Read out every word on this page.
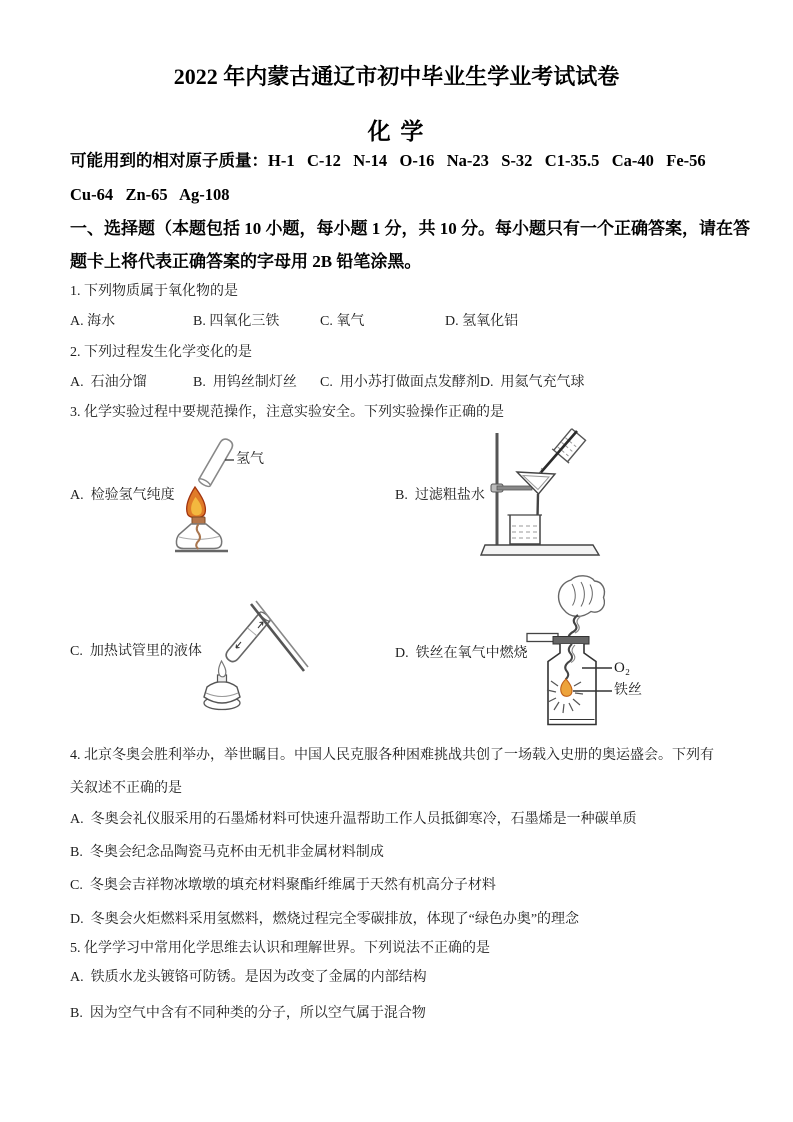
2022 年内蒙古通辽市初中毕业生学业考试试卷
化 学
可能用到的相对原子质量：H-1   C-12   N-14   O-16   Na-23   S-32   C1-35.5   Ca-40   Fe-56
Cu-64   Zn-65   Ag-108
一、选择题（本题包括 10 小题，每小题 1 分，共 10 分。每小题只有一个正确答案，请在答
题卡上将代表正确答案的字母用 2B 铅笔涂黑。
1. 下列物质属于氧化物的是
A. 海水	B. 四氧化三铁	C. 氧气	D. 氢氧化铝
2. 下列过程发生化学变化的是
A.  石油分馏	B.  用钨丝制灯丝 C.  用小苏打做面点发酵剂D.  用氦气充气球
3. 化学实验过程中要规范操作，注意实验安全。下列实验操作正确的是
A.  检验氢气纯度
氢气
B.  过滤粗盐水
C.  加热试管里的液体	D.  铁丝在氧气中燃烧
O₂
铁丝
4. 北京冬奥会胜利举办，举世瞩目。中国人民克服各种困难挑战共创了一场载入史册的奥运盛会。下列有
关叙述不正确的是
A.  冬奥会礼仪服采用的石墨烯材料可快速升温帮助工作人员抵御寒冷，石墨烯是一种碳单质
B.  冬奥会纪念品陶瓷马克杯由无机非金属材料制成
C.  冬奥会吉祥物冰墩墩的填充材料聚酯纤维属于天然有机高分子材料
D.  冬奥会火炬燃料采用氢燃料，燃烧过程完全零碳排放，体现了“绿色办奥”的理念
5. 化学学习中常用化学思维去认识和理解世界。下列说法不正确的是
A.  铁质水龙头镀铬可防锈。是因为改变了金属的内部结构
B.  因为空气中含有不同种类的分子，所以空气属于混合物
